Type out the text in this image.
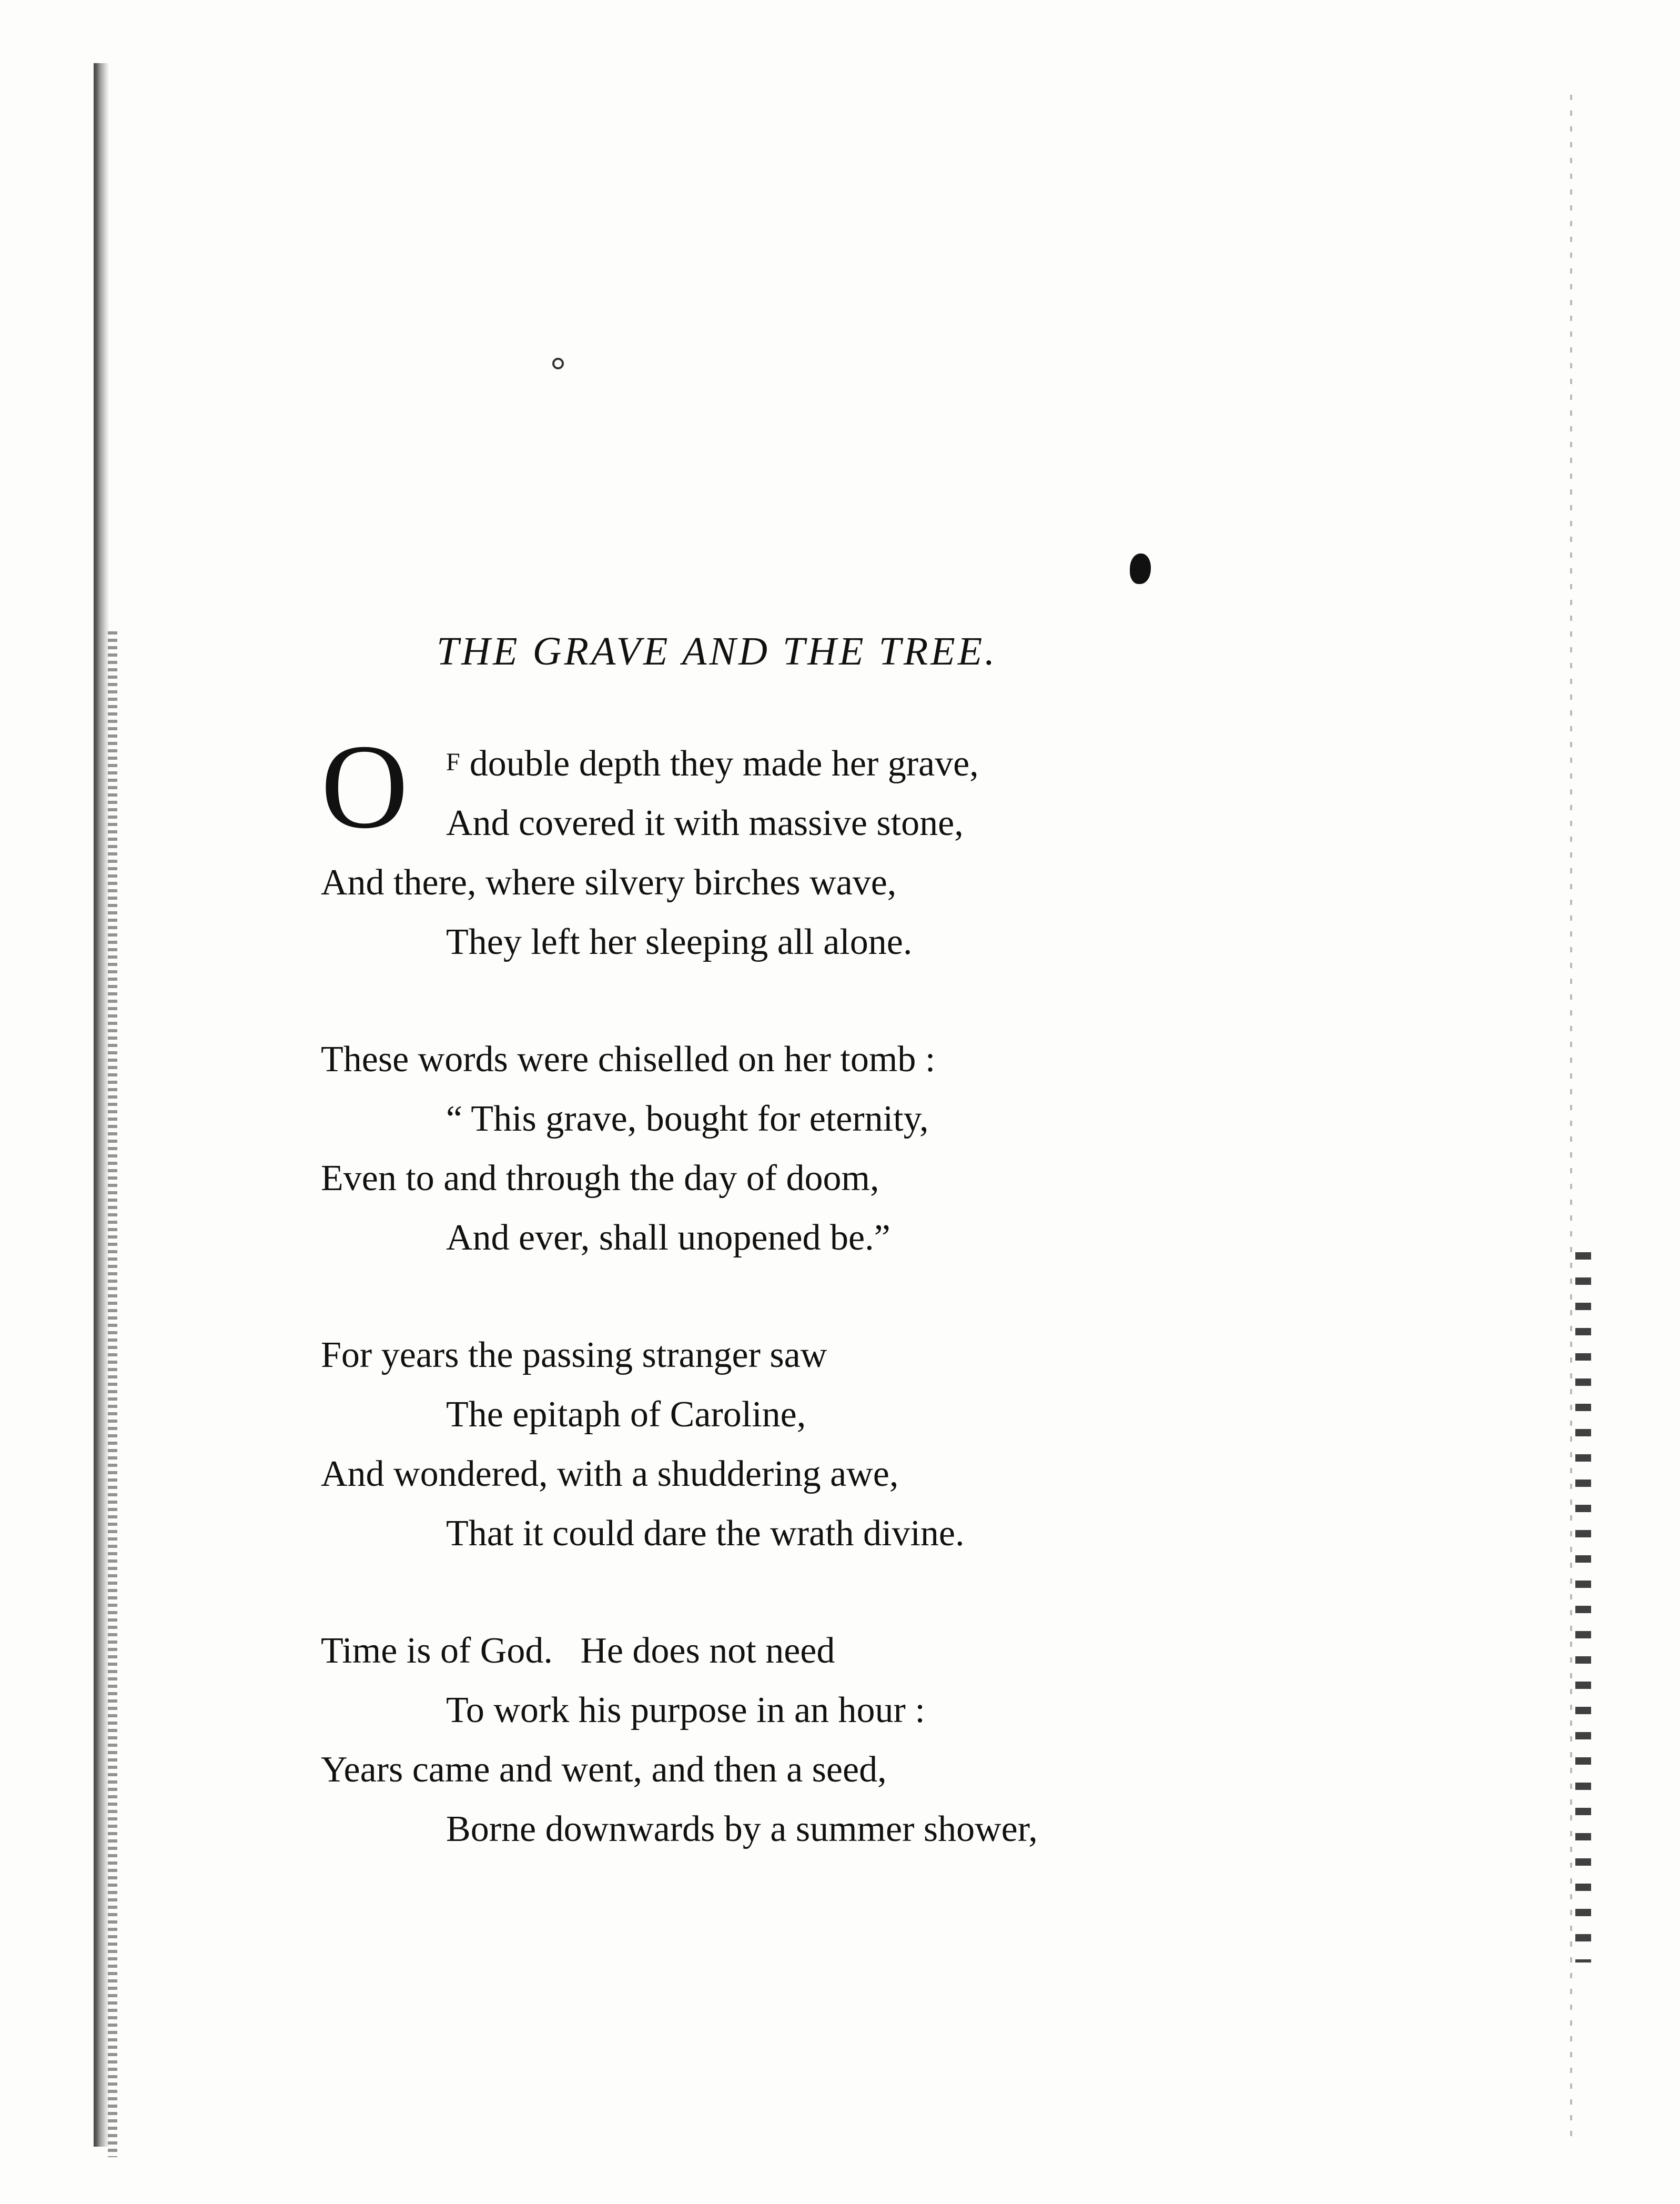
THE GRAVE AND THE TREE.
O F double depth they made her grave,
And covered it with massive stone,
And there, where silvery birches wave,
They left her sleeping all alone.
These words were chiselled on her tomb :
“ This grave, bought for eternity,
Even to and through the day of doom,
And ever, shall unopened be.”
For years the passing stranger saw
The epitaph of Caroline,
And wondered, with a shuddering awe,
That it could dare the wrath divine.
Time is of God.   He does not need
To work his purpose in an hour :
Years came and went, and then a seed,
Borne downwards by a summer shower,
